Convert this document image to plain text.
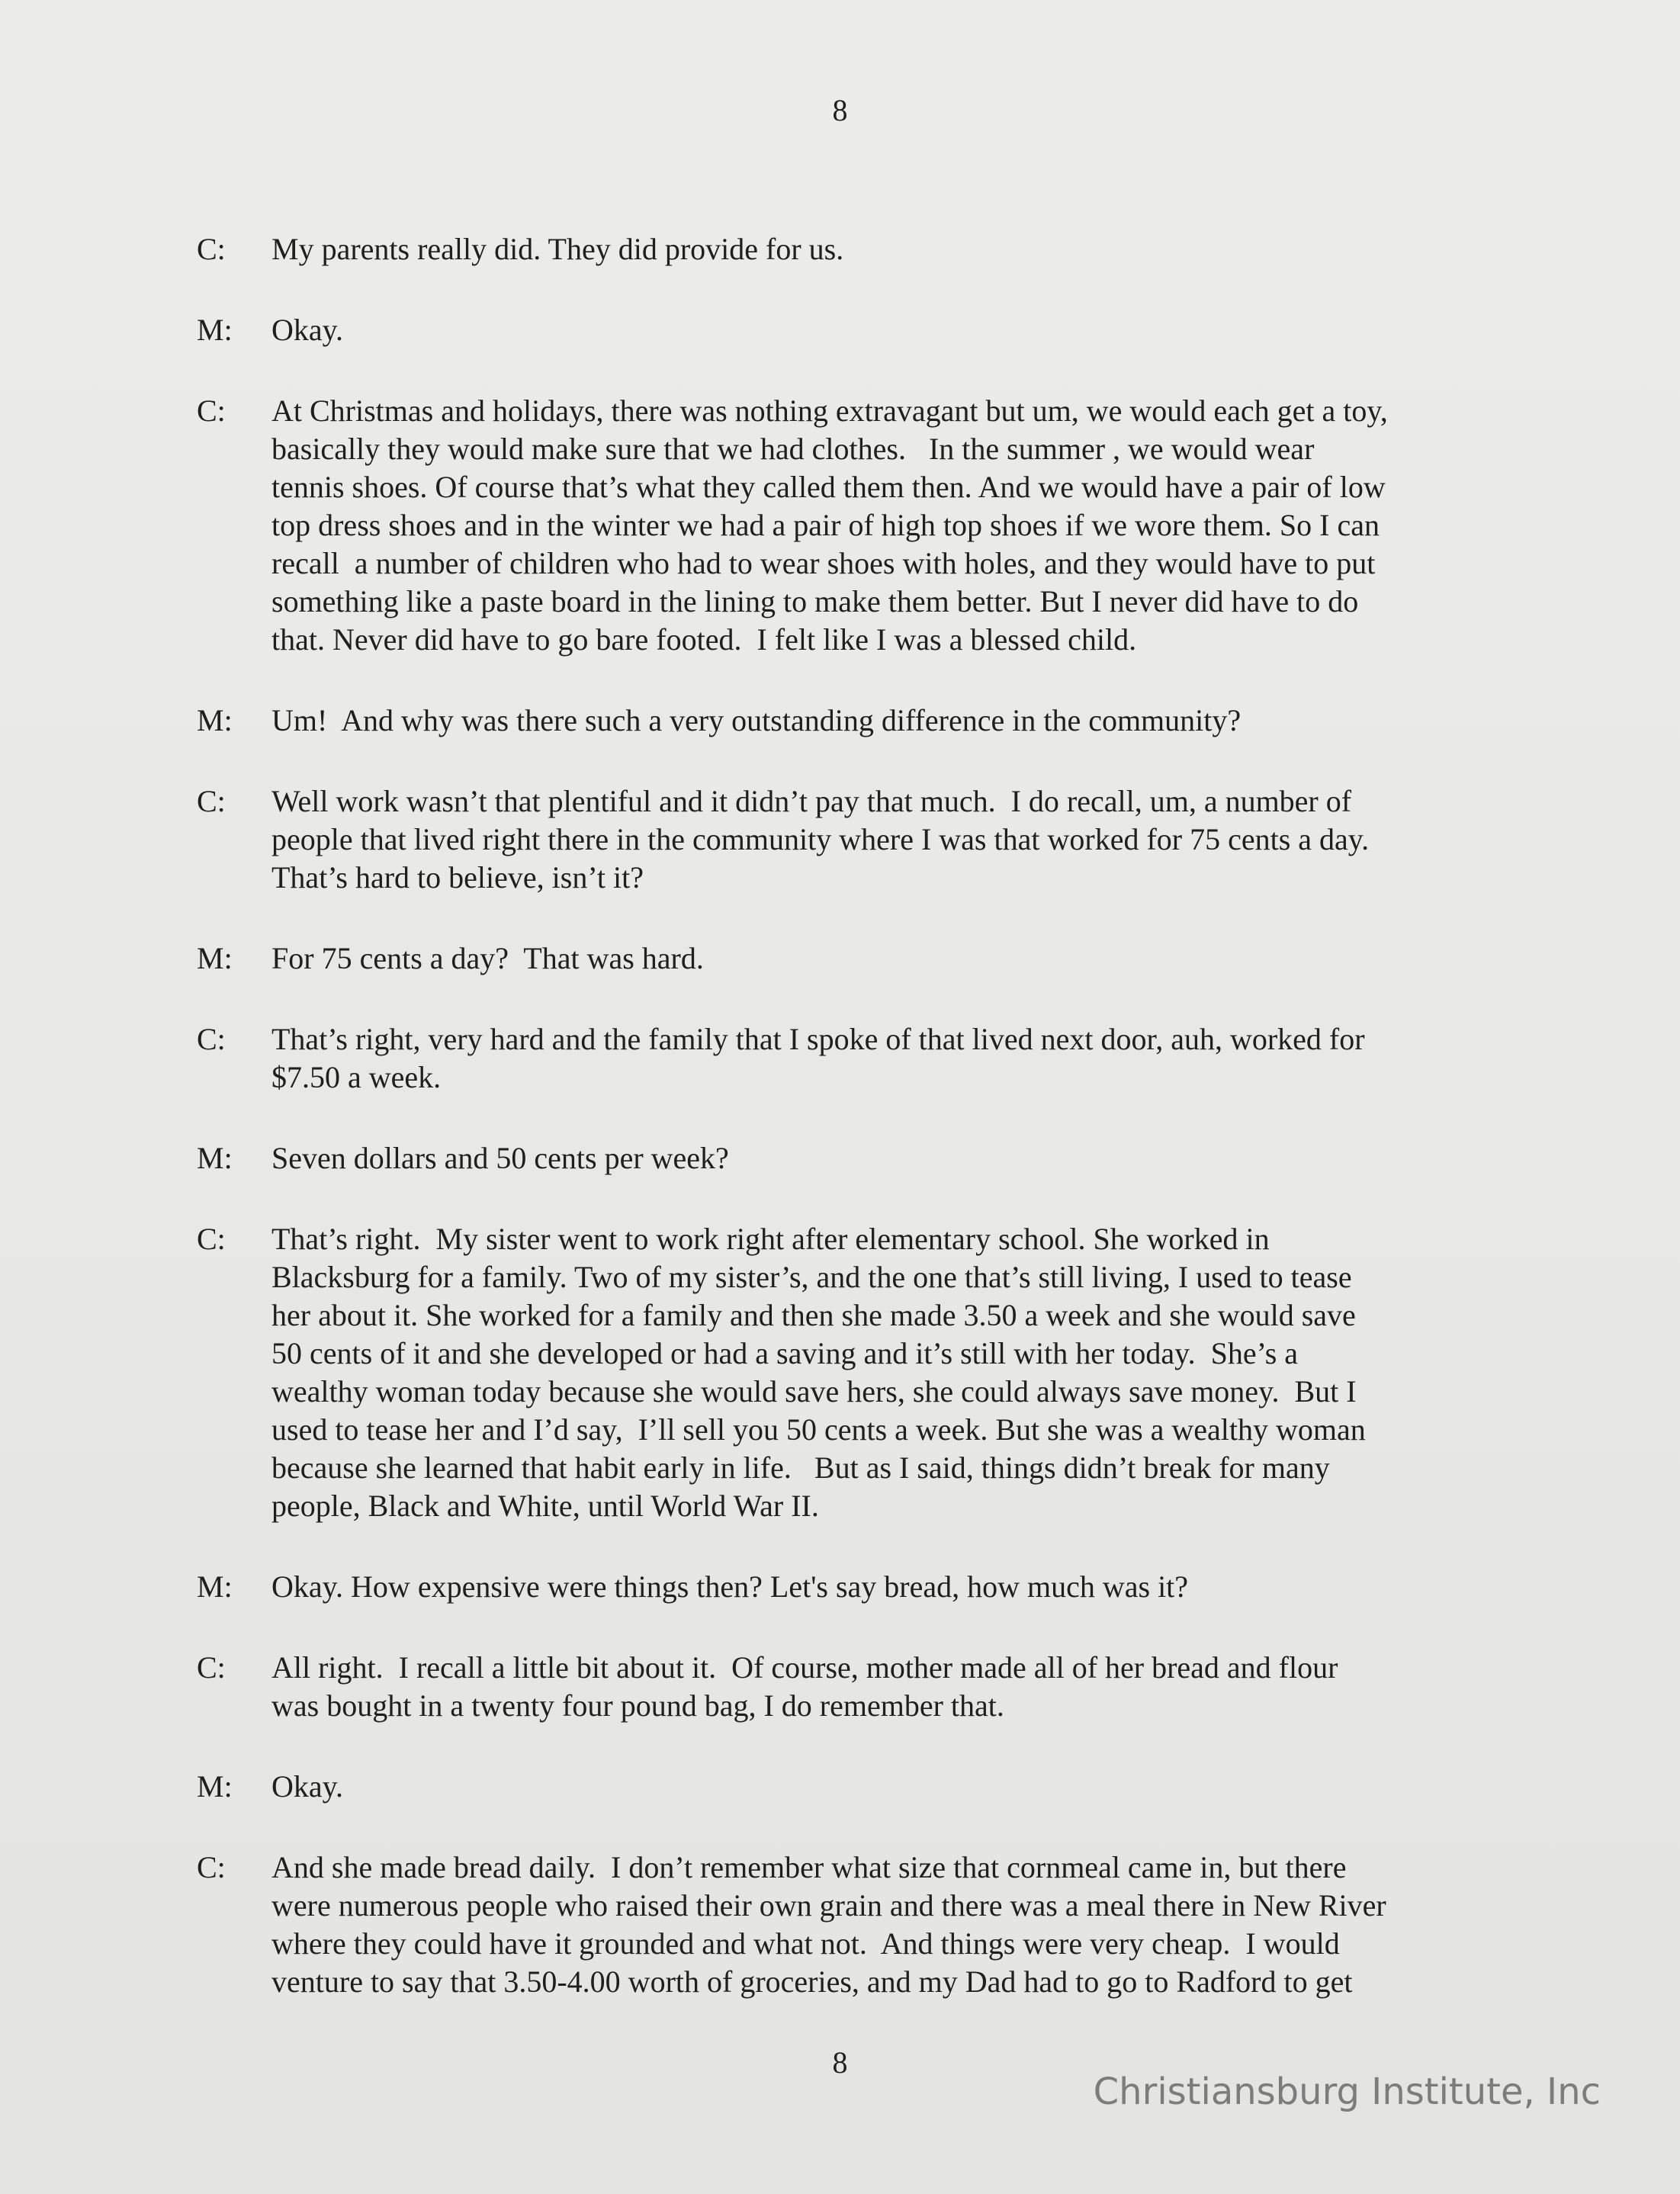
8
C:	My parents really did. They did provide for us.
M:	Okay.
C:	At Christmas and holidays, there was nothing extravagant but um, we would each get a toy,
basically they would make sure that we had clothes.   In the summer , we would wear
tennis shoes. Of course that’s what they called them then. And we would have a pair of low
top dress shoes and in the winter we had a pair of high top shoes if we wore them. So I can
recall  a number of children who had to wear shoes with holes, and they would have to put
something like a paste board in the lining to make them better. But I never did have to do
that. Never did have to go bare footed.  I felt like I was a blessed child.
M:	Um!  And why was there such a very outstanding difference in the community?
C:	Well work wasn’t that plentiful and it didn’t pay that much.  I do recall, um, a number of
people that lived right there in the community where I was that worked for 75 cents a day.
That’s hard to believe, isn’t it?
M:	For 75 cents a day?  That was hard.
C:	That’s right, very hard and the family that I spoke of that lived next door, auh, worked for
$7.50 a week.
M:	Seven dollars and 50 cents per week?
C:	That’s right.  My sister went to work right after elementary school. She worked in
Blacksburg for a family. Two of my sister’s, and the one that’s still living, I used to tease
her about it. She worked for a family and then she made 3.50 a week and she would save
50 cents of it and she developed or had a saving and it’s still with her today.  She’s a
wealthy woman today because she would save hers, she could always save money.  But I
used to tease her and I’d say,  I’ll sell you 50 cents a week. But she was a wealthy woman
because she learned that habit early in life.   But as I said, things didn’t break for many
people, Black and White, until World War II.
M:	Okay. How expensive were things then? Let's say bread, how much was it?
C:	All right.  I recall a little bit about it.  Of course, mother made all of her bread and flour
was bought in a twenty four pound bag, I do remember that.
M:	Okay.
C:	And she made bread daily.  I don’t remember what size that cornmeal came in, but there
were numerous people who raised their own grain and there was a meal there in New River
where they could have it grounded and what not.  And things were very cheap.  I would
venture to say that 3.50-4.00 worth of groceries, and my Dad had to go to Radford to get
8
Christiansburg Institute, Inc
